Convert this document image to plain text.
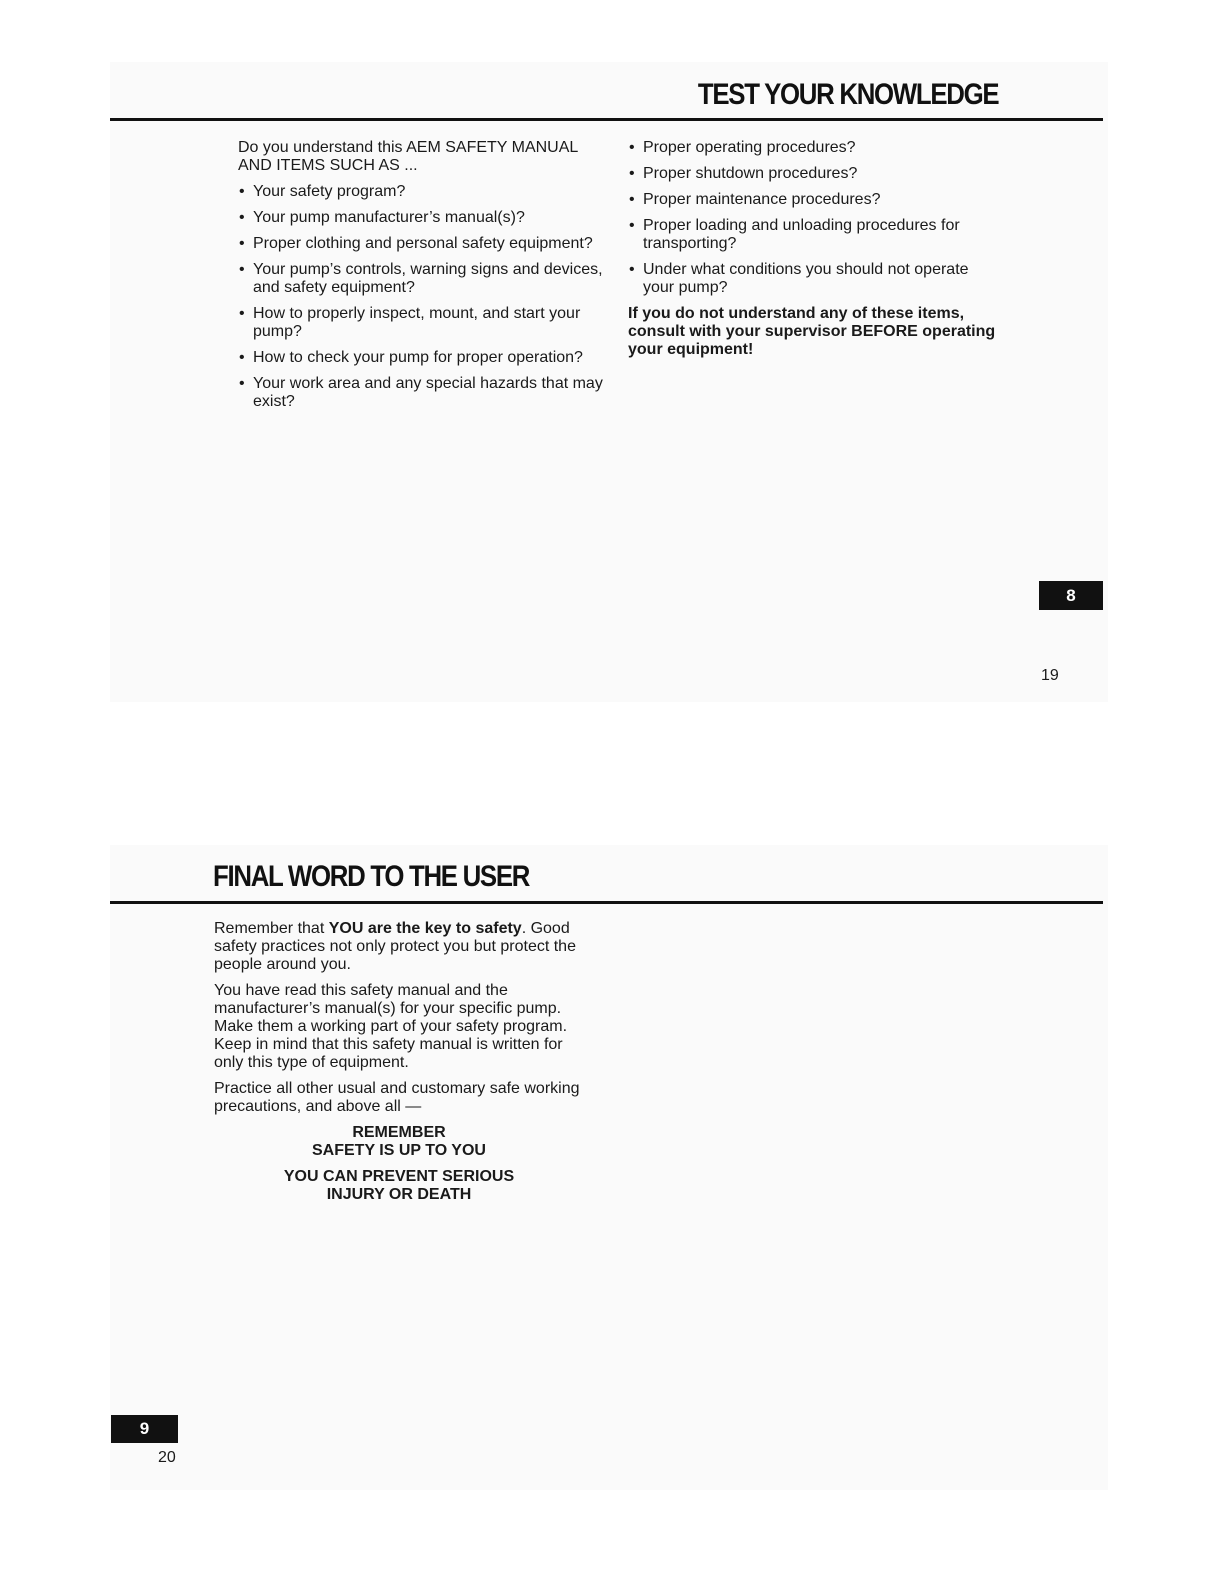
TEST YOUR KNOWLEDGE

Do you understand this AEM SAFETY MANUAL AND ITEMS SUCH AS ...

• Your safety program?
• Your pump manufacturer’s manual(s)?
• Proper clothing and personal safety equipment?
• Your pump’s controls, warning signs and devices, and safety equipment?
• How to properly inspect, mount, and start your pump?
• How to check your pump for proper operation?
• Your work area and any special hazards that may exist?
• Proper operating procedures?
• Proper shutdown procedures?
• Proper maintenance procedures?
• Proper loading and unloading procedures for transporting?
• Under what conditions you should not operate your pump?

If you do not understand any of these items, consult with your supervisor BEFORE operating your equipment!

8
19
FINAL WORD TO THE USER

Remember that YOU are the key to safety. Good safety practices not only protect you but protect the people around you.

You have read this safety manual and the manufacturer’s manual(s) for your specific pump. Make them a working part of your safety program. Keep in mind that this safety manual is written for only this type of equipment.

Practice all other usual and customary safe working precautions, and above all —

REMEMBER
SAFETY IS UP TO YOU

YOU CAN PREVENT SERIOUS
INJURY OR DEATH

9
20
